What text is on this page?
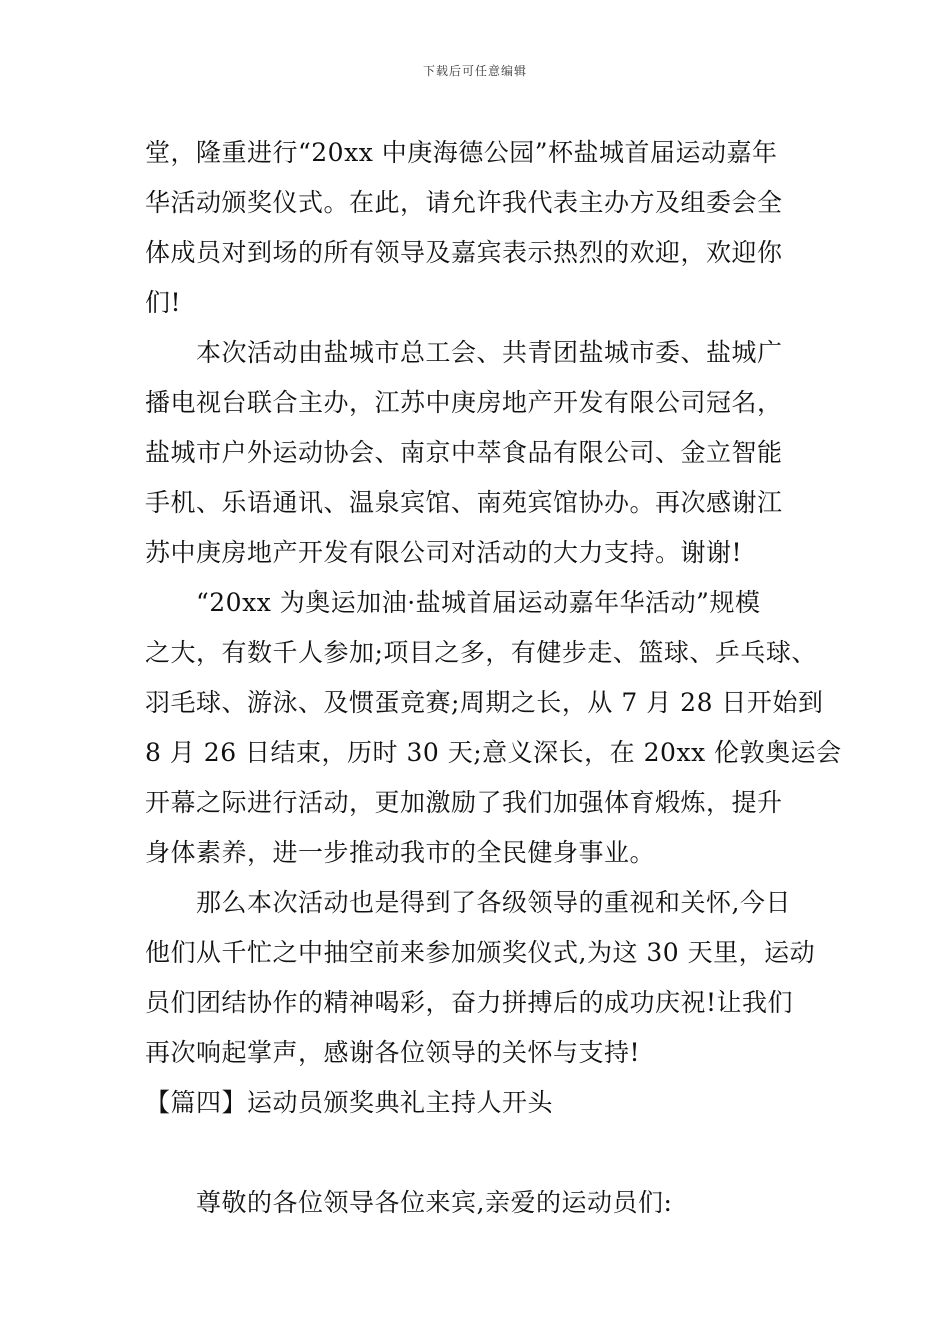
下载后可任意编辑
堂，隆重进行“20xx 中庚海德公园”杯盐城首届运动嘉年
华活动颁奖仪式。在此，请允许我代表主办方及组委会全
体成员对到场的所有领导及嘉宾表示热烈的欢迎，欢迎你
们!
本次活动由盐城市总工会、共青团盐城市委、盐城广
播电视台联合主办，江苏中庚房地产开发有限公司冠名，
盐城市户外运动协会、南京中萃食品有限公司、金立智能
手机、乐语通讯、温泉宾馆、南苑宾馆协办。再次感谢江
苏中庚房地产开发有限公司对活动的大力支持。谢谢!
“20xx 为奥运加油·盐城首届运动嘉年华活动”规模
之大，有数千人参加;项目之多，有健步走、篮球、乒乓球、
羽毛球、游泳、及惯蛋竞赛;周期之长，从 7 月 28 日开始到
8 月 26 日结束，历时 30 天;意义深长，在 20xx 伦敦奥运会
开幕之际进行活动，更加激励了我们加强体育煅炼，提升
身体素养，进一步推动我市的全民健身事业。
那么本次活动也是得到了各级领导的重视和关怀,今日
他们从千忙之中抽空前来参加颁奖仪式,为这 30 天里，运动
员们团结协作的精神喝彩，奋力拼搏后的成功庆祝!让我们
再次响起掌声，感谢各位领导的关怀与支持!
【篇四】运动员颁奖典礼主持人开头
尊敬的各位领导各位来宾,亲爱的运动员们:
